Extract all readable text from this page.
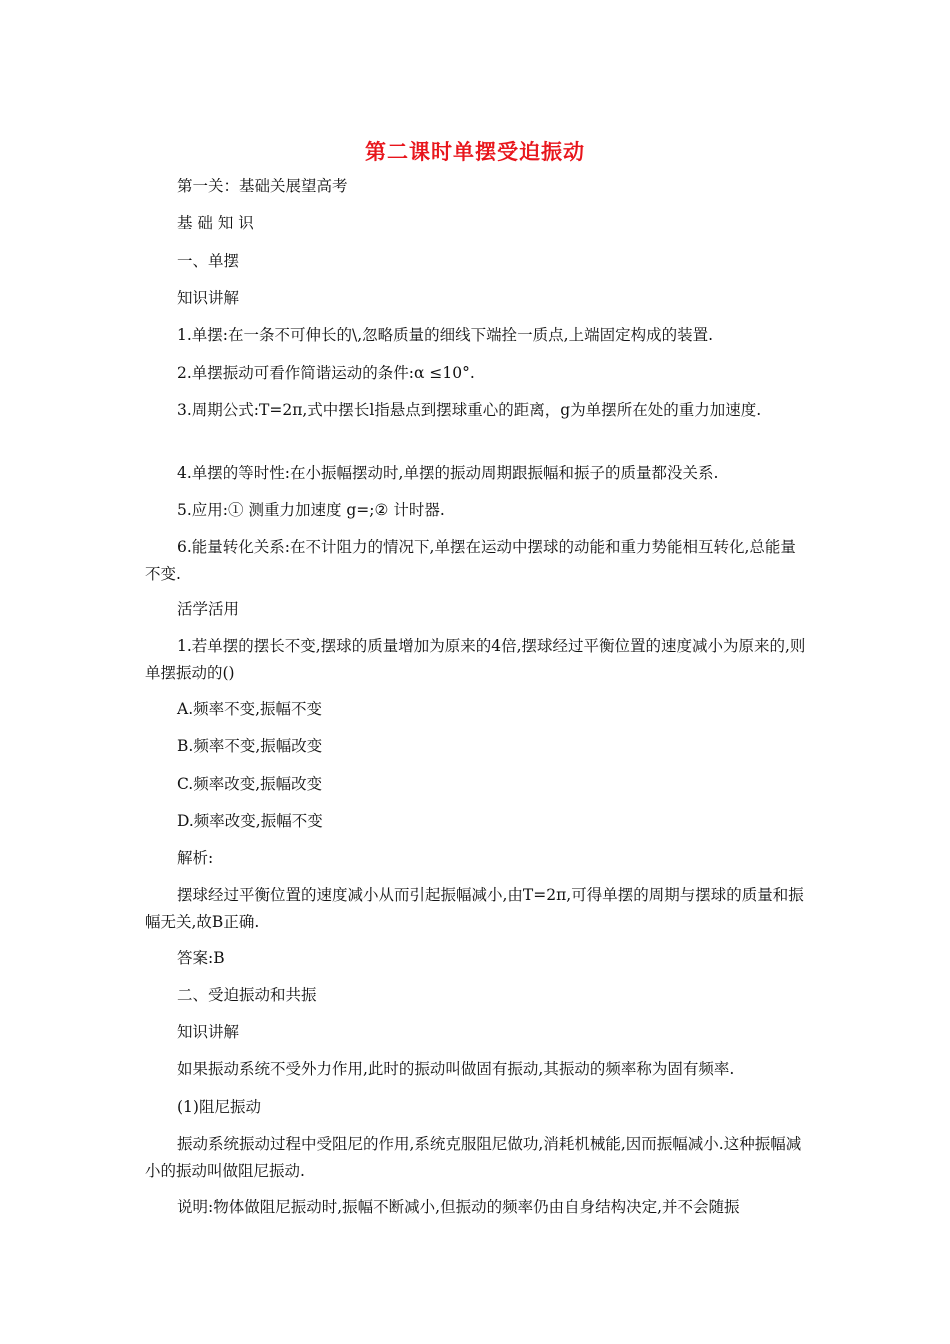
第二课时单摆受迫振动

第一关：基础关展望高考

基 础 知 识

一、单摆

知识讲解

1.单摆:在一条不可伸长的\,忽略质量的细线下端拴一质点,上端固定构成的装置.

2.单摆振动可看作简谐运动的条件:α ≤10°.

3.周期公式:T=2π,式中摆长l指悬点到摆球重心的距离，g为单摆所在处的重力加速度.

4.单摆的等时性:在小振幅摆动时,单摆的振动周期跟振幅和振子的质量都没关系.

5.应用:① 测重力加速度 g=;② 计时器.

6.能量转化关系:在不计阻力的情况下,单摆在运动中摆球的动能和重力势能相互转化,总能量不变.

活学活用

1.若单摆的摆长不变,摆球的质量增加为原来的4倍,摆球经过平衡位置的速度减小为原来的,则单摆振动的()

A.频率不变,振幅不变

B.频率不变,振幅改变

C.频率改变,振幅改变

D.频率改变,振幅不变

解析:

摆球经过平衡位置的速度减小从而引起振幅减小,由T=2π,可得单摆的周期与摆球的质量和振幅无关,故B正确.

答案:B

二、受迫振动和共振

知识讲解

如果振动系统不受外力作用,此时的振动叫做固有振动,其振动的频率称为固有频率.

(1)阻尼振动

振动系统振动过程中受阻尼的作用,系统克服阻尼做功,消耗机械能,因而振幅减小.这种振幅减小的振动叫做阻尼振动.

说明:物体做阻尼振动时,振幅不断减小,但振动的频率仍由自身结构决定,并不会随振
